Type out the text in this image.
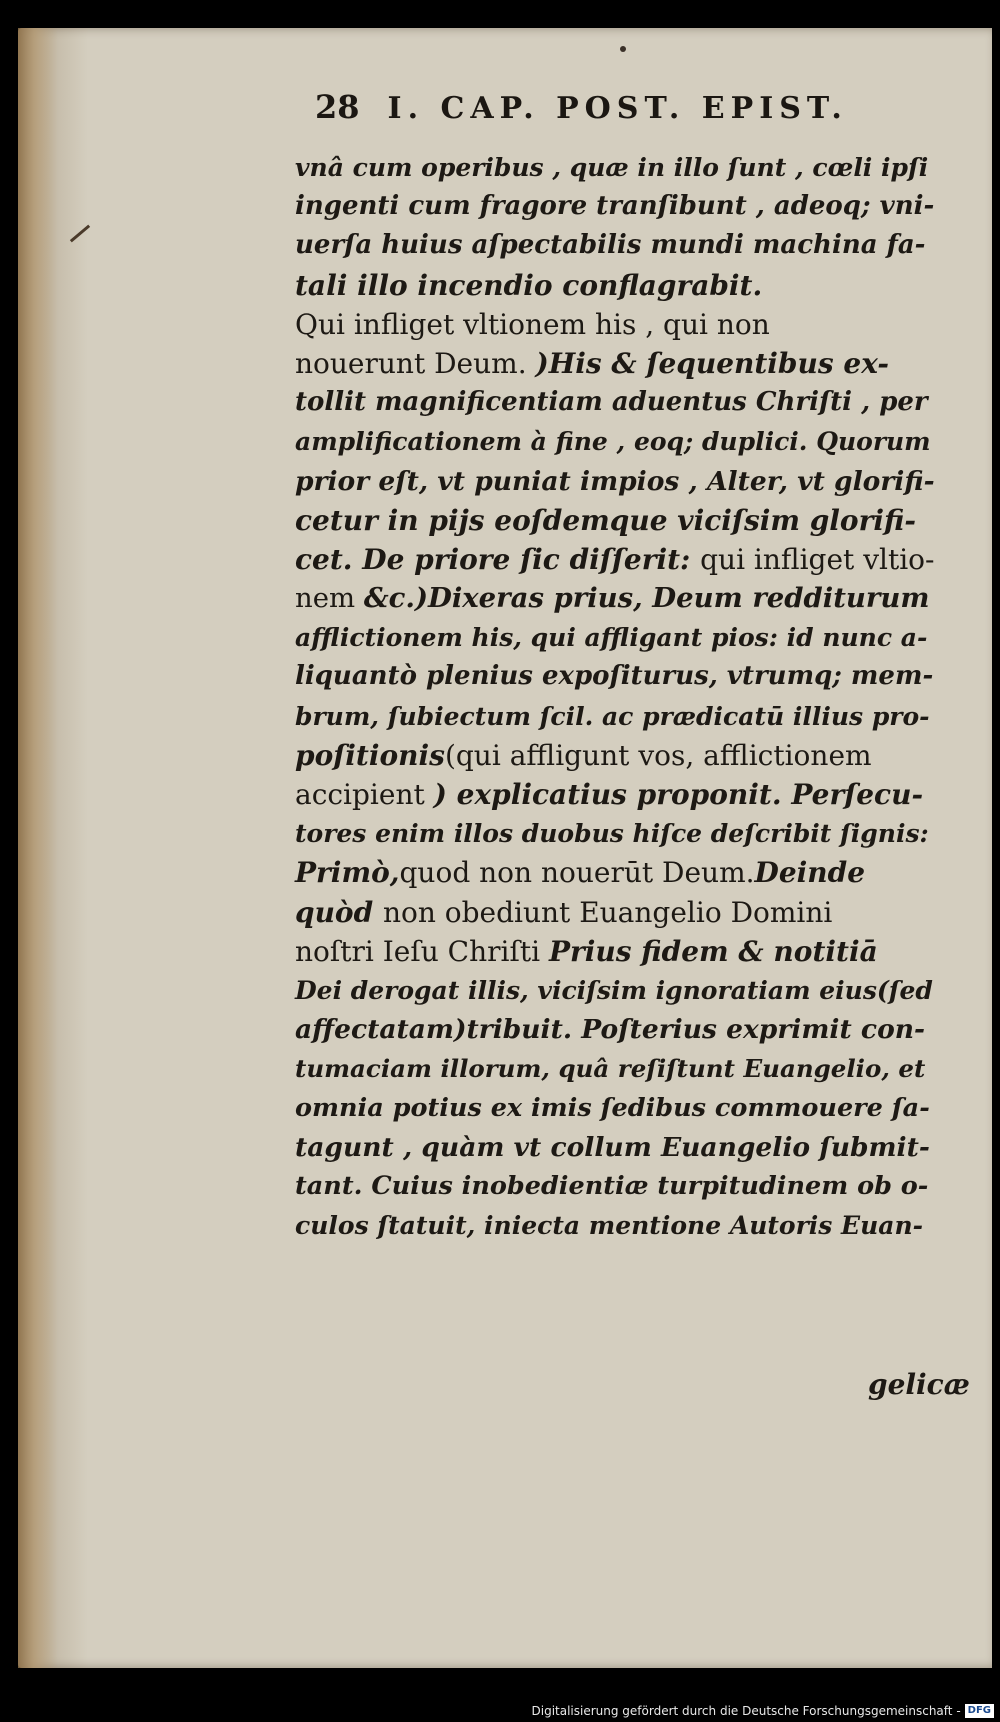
28 I. CAP. POST. EPIST.
vnâ cum operibus , quæ in illo ſunt , cœli ipſi
ingenti cum fragore tranſibunt , adeoq; vni-
uerſa huius aſpectabilis mundi machina fa-
tali illo incendio conflagrabit.
Qui infliget vltionem his , qui non
nouerunt Deum. )His & ſequentibus ex-
tollit magnificentiam aduentus Chriſti , per
amplificationem à fine , eoq; duplici. Quorum
prior eſt, vt puniat impios , Alter, vt glorifi-
cetur in pijs eoſdemque viciſsim glorifi-
cet. De priore ſic diſſerit: qui infliget vltio-
nem &c.)Dixeras prius, Deum redditurum
afflictionem his, qui affligant pios: id nunc a-
liquantò plenius expoſiturus, vtrumq; mem-
brum, ſubiectum ſcil. ac prædicatū illius pro-
poſitionis(qui affligunt vos, afflictionem
accipient ) explicatius proponit. Perſecu-
tores enim illos duobus hiſce deſcribit ſignis:
Primò,quod non nouerūt Deum.Deinde
quòd non obediunt Euangelio Domini
noſtri Ieſu Chriſti Prius fidem & notitiā
Dei derogat illis, viciſsim ignoratiam eius(ſed
affectatam)tribuit. Poſterius exprimit con-
tumaciam illorum, quâ reſiſtunt Euangelio, et
omnia potius ex imis ſedibus commouere ſa-
tagunt , quàm vt collum Euangelio ſubmit-
tant. Cuius inobedientiæ turpitudinem ob o-
culos ſtatuit, iniecta mentione Autoris Euan-
gelicæ
Digitalisierung gefördert durch die Deutsche Forschungsgemeinschaft - DFG
